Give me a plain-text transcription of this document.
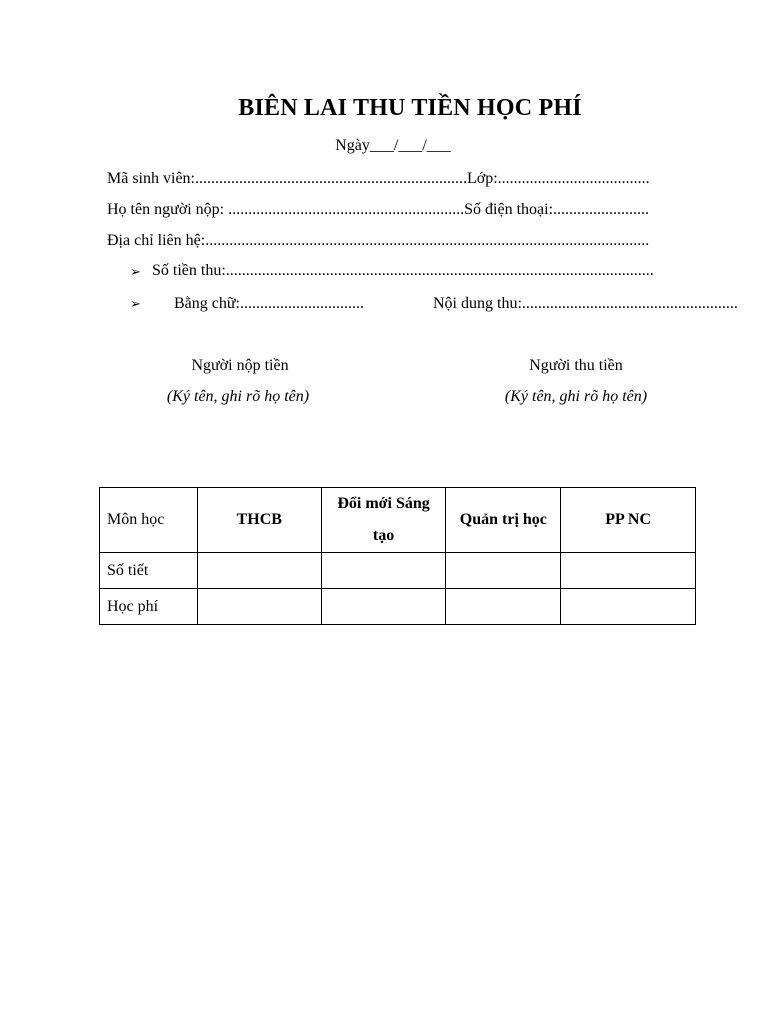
BIÊN LAI THU TIỀN HỌC PHÍ
Ngày___/___/___
Mã sinh viên:....................................................................Lớp:......................................
Họ tên người nộp: ...........................................................Số điện thoại:........................
Địa chỉ liên hệ:...............................................................................................................
➢ Số tiền thu:...........................................................................................................
➢ Bằng chữ:...............................	Nội dung thu:......................................................
Người nộp tiền
(Ký tên, ghi rõ họ tên)
Người thu tiền
(Ký tên, ghi rõ họ tên)
Môn học	THCB	Đổi mới Sáng tạo	Quản trị học	PP NC
Số tiết				
Học phí				
